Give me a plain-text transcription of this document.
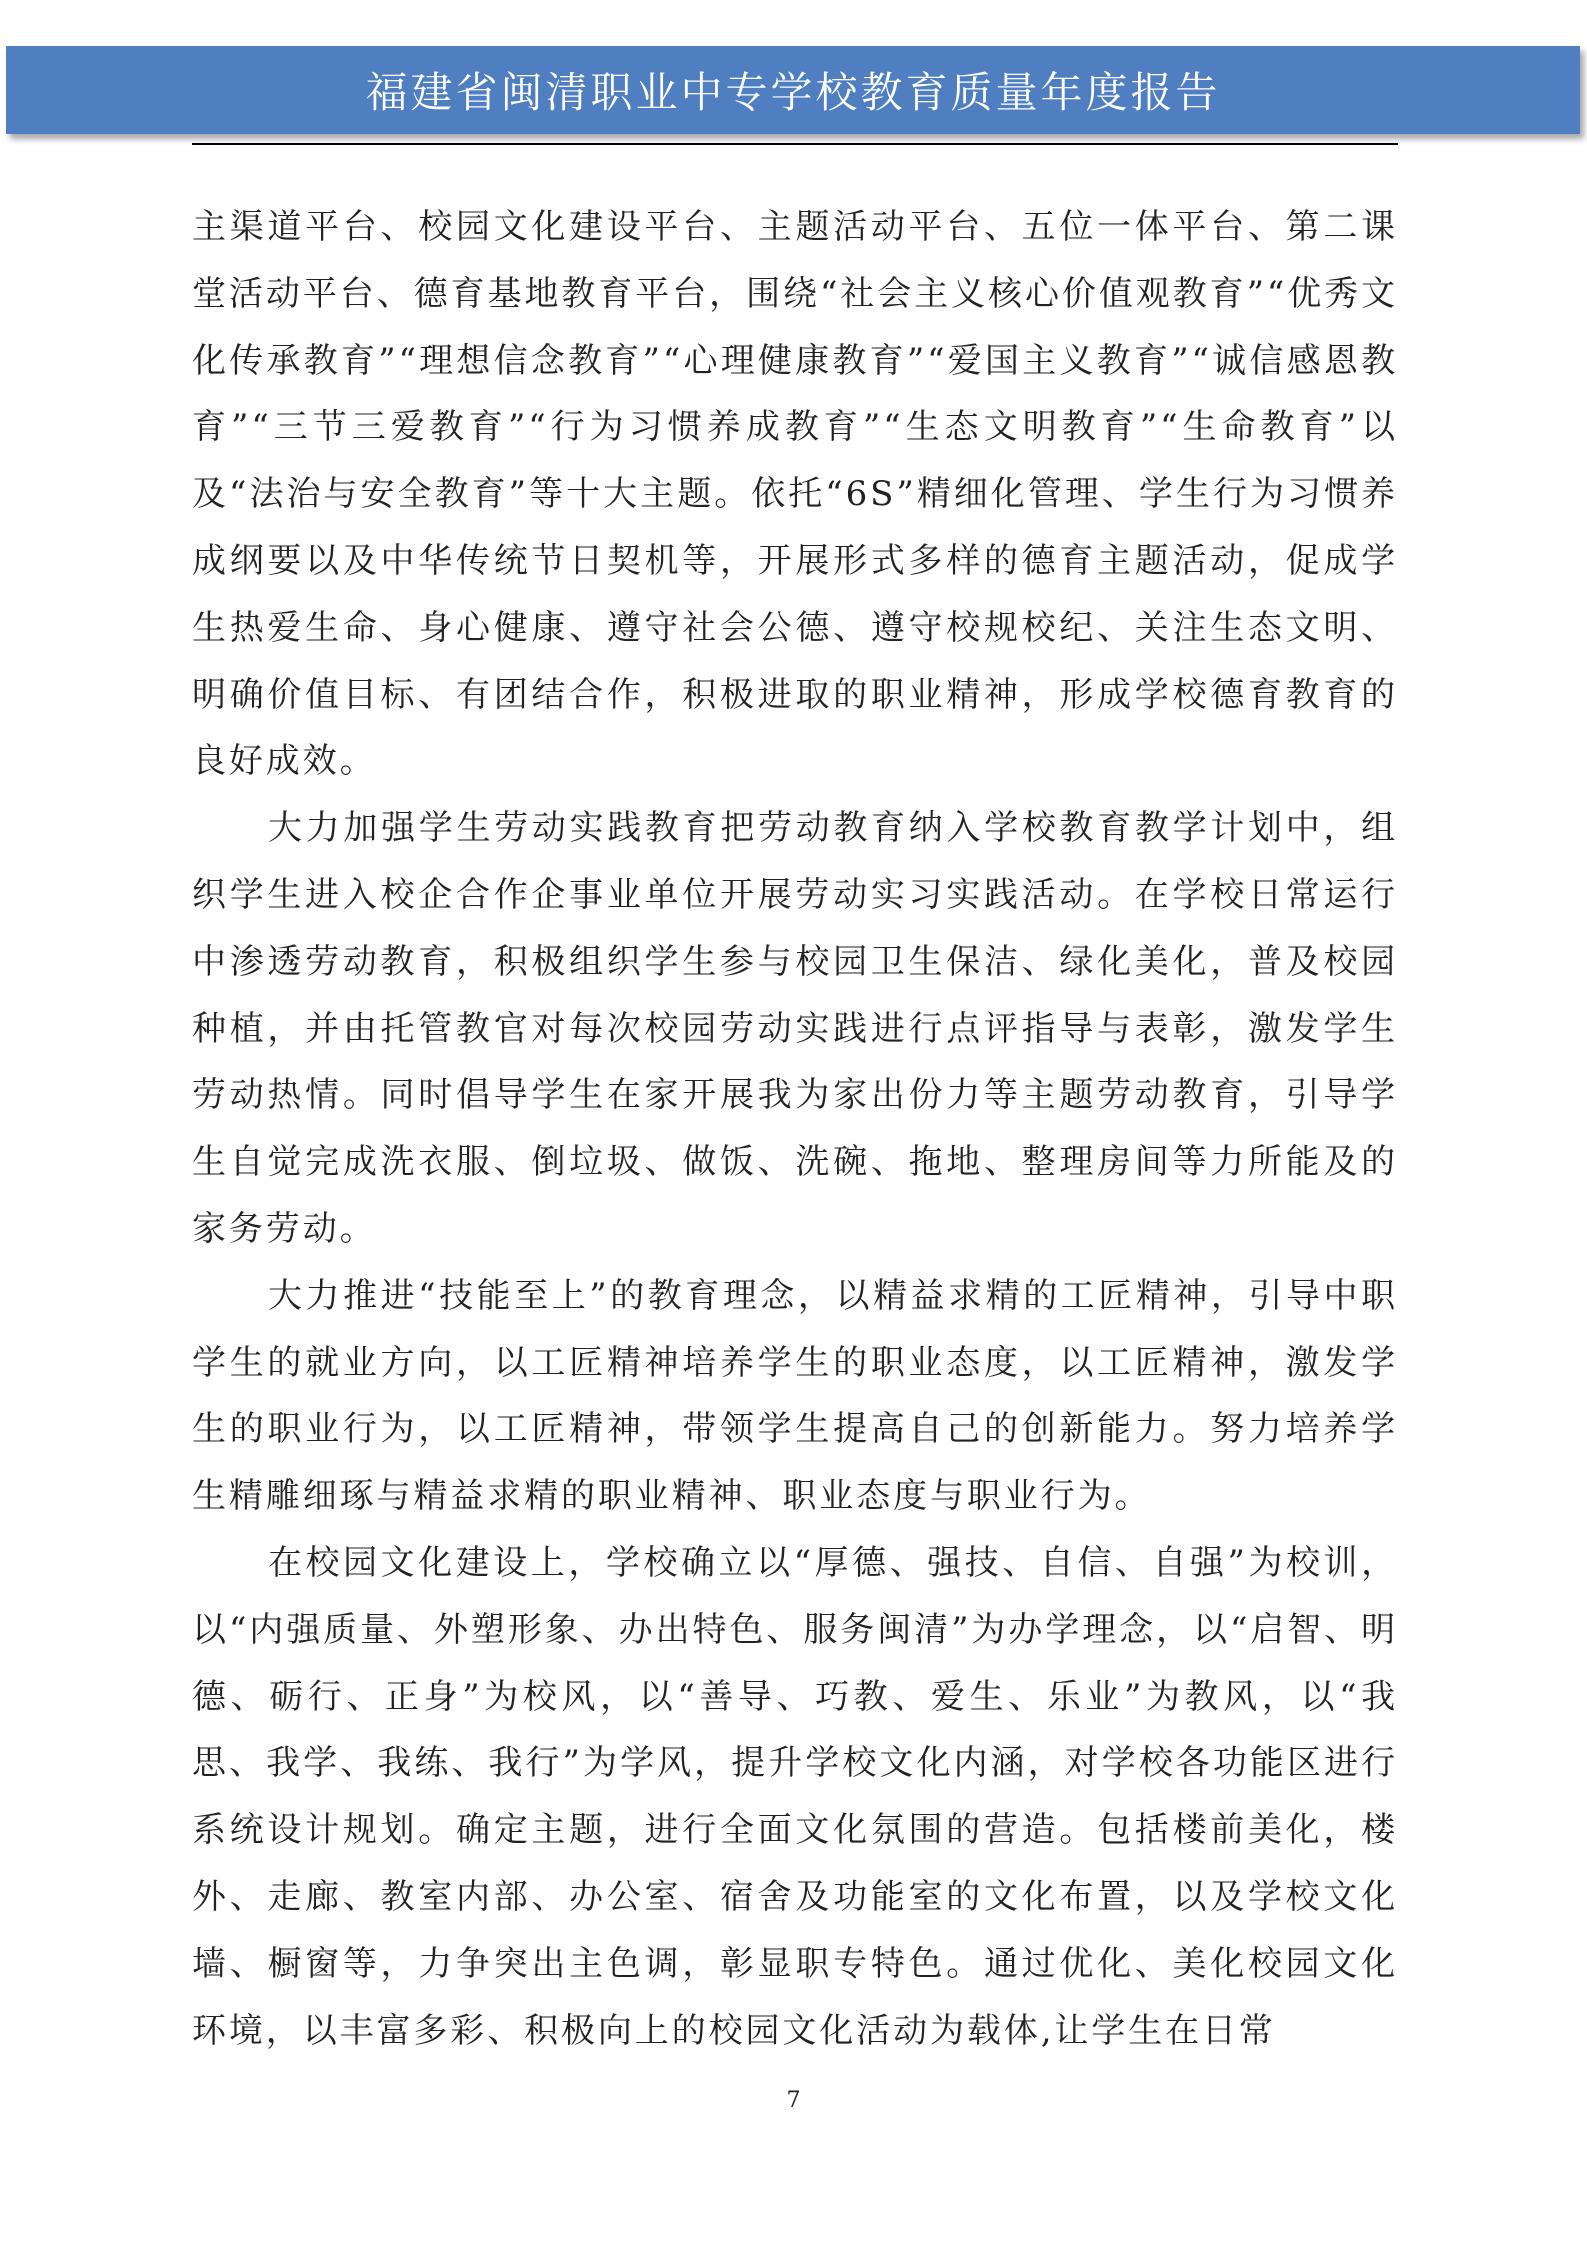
福建省闽清职业中专学校教育质量年度报告

主渠道平台、校园文化建设平台、主题活动平台、五位一体平台、第二课堂活动平台、德育基地教育平台，围绕“社会主义核心价值观教育”“优秀文化传承教育”“理想信念教育”“心理健康教育”“爱国主义教育”“诚信感恩教育”“三节三爱教育”“行为习惯养成教育”“生态文明教育”“生命教育”以及“法治与安全教育”等十大主题。依托“6S”精细化管理、学生行为习惯养成纲要以及中华传统节日契机等，开展形式多样的德育主题活动，促成学生热爱生命、身心健康、遵守社会公德、遵守校规校纪、关注生态文明、明确价值目标、有团结合作，积极进取的职业精神，形成学校德育教育的良好成效。

大力加强学生劳动实践教育把劳动教育纳入学校教育教学计划中，组织学生进入校企合作企事业单位开展劳动实习实践活动。在学校日常运行中渗透劳动教育，积极组织学生参与校园卫生保洁、绿化美化，普及校园种植，并由托管教官对每次校园劳动实践进行点评指导与表彰，激发学生劳动热情。同时倡导学生在家开展我为家出份力等主题劳动教育，引导学生自觉完成洗衣服、倒垃圾、做饭、洗碗、拖地、整理房间等力所能及的家务劳动。

大力推进“技能至上”的教育理念，以精益求精的工匠精神，引导中职学生的就业方向，以工匠精神培养学生的职业态度，以工匠精神，激发学生的职业行为，以工匠精神，带领学生提高自己的创新能力。努力培养学生精雕细琢与精益求精的职业精神、职业态度与职业行为。

在校园文化建设上，学校确立以“厚德、强技、自信、自强”为校训，以“内强质量、外塑形象、办出特色、服务闽清”为办学理念，以“启智、明德、砺行、正身”为校风，以“善导、巧教、爱生、乐业”为教风，以“我思、我学、我练、我行”为学风，提升学校文化内涵，对学校各功能区进行系统设计规划。确定主题，进行全面文化氛围的营造。包括楼前美化，楼外、走廊、教室内部、办公室、宿舍及功能室的文化布置，以及学校文化墙、橱窗等，力争突出主色调，彰显职专特色。通过优化、美化校园文化环境，以丰富多彩、积极向上的校园文化活动为载体,让学生在日常

7
